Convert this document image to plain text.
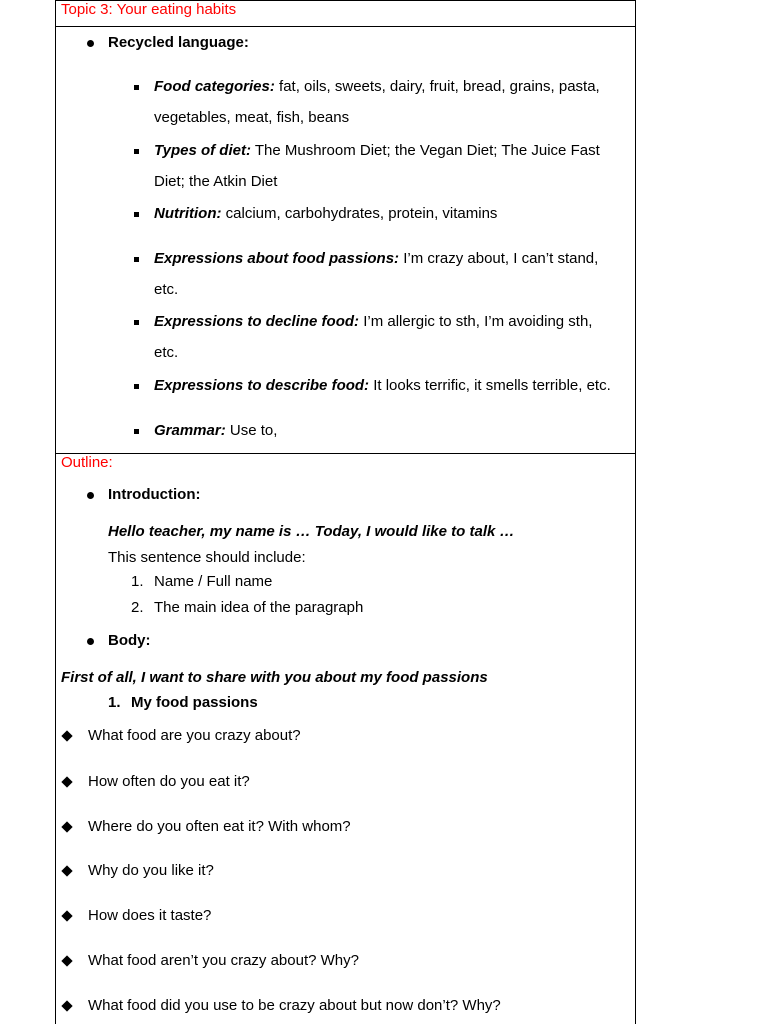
Topic 3: Your eating habits
Recycled language:
Food categories: fat, oils, sweets, dairy, fruit, bread, grains, pasta,
vegetables, meat, fish, beans
Types of diet: The Mushroom Diet; the Vegan Diet; The Juice Fast
Diet; the Atkin Diet
Nutrition: calcium, carbohydrates, protein, vitamins
Expressions about food passions: I’m crazy about, I can’t stand,
etc.
Expressions to decline food: I’m allergic to sth, I’m avoiding sth,
etc.
Expressions to describe food: It looks terrific, it smells terrible, etc.
Grammar: Use to,
Outline:
Introduction:
Hello teacher, my name is … Today, I would like to talk …
This sentence should include:
1. Name / Full name
2. The main idea of the paragraph
Body:
First of all, I want to share with you about my food passions
1. My food passions
What food are you crazy about?
How often do you eat it?
Where do you often eat it? With whom?
Why do you like it?
How does it taste?
What food aren’t you crazy about? Why?
What food did you use to be crazy about but now don’t? Why?
